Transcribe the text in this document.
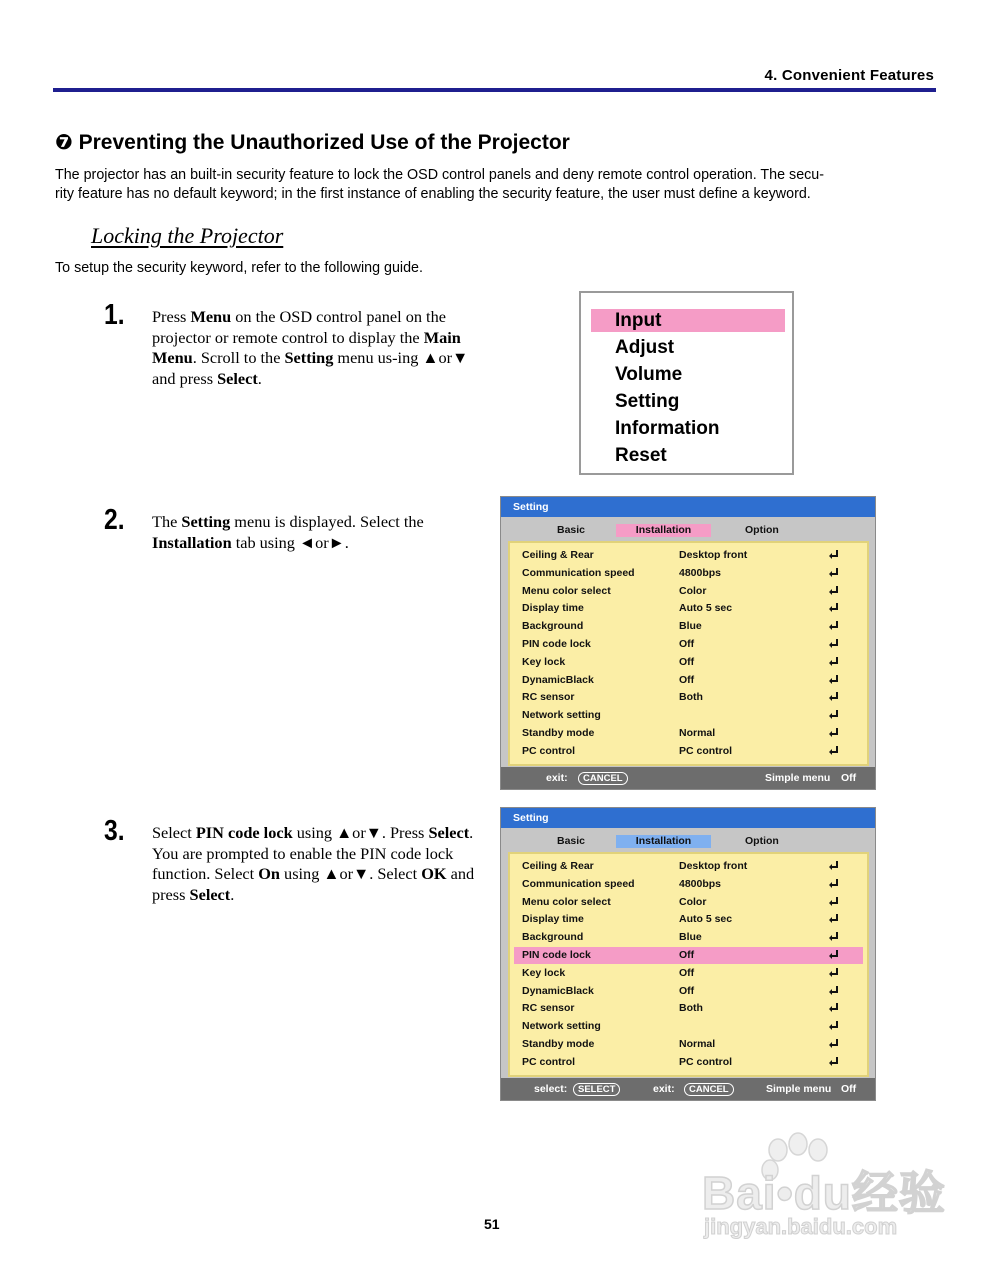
4. Convenient Features
❼ Preventing the Unauthorized Use of the Projector
The projector has an built-in security feature to lock the OSD control panels and deny remote control operation. The secu-
rity feature has no default keyword; in the first instance of enabling the security feature, the user must define a keyword.
Locking the Projector
To setup the security keyword, refer to the following guide.
1. Press Menu on the OSD control panel on the projector or remote control to display the Main Menu. Scroll to the Setting menu us-ing ▲or▼ and press Select.
2. The Setting menu is displayed. Select the Installation tab using ◄or►.
3. Select PIN code lock using ▲or▼. Press Select. You are prompted to enable the PIN code lock function. Select On using ▲or▼. Select OK and press Select.
Input
Adjust
Volume
Setting
Information
Reset
Setting
Basic	Installation	Option
Ceiling & Rear	Desktop front
Communication speed	4800bps
Menu color select	Color
Display time	Auto 5 sec
Background	Blue
PIN code lock	Off
Key lock	Off
DynamicBlack	Off
RC sensor	Both
Network setting
Standby mode	Normal
PC control	PC control
exit:	CANCEL	Simple menu Off
Setting
Basic	Installation	Option
Ceiling & Rear	Desktop front
Communication speed	4800bps
Menu color select	Color
Display time	Auto 5 sec
Background	Blue
PIN code lock	Off
Key lock	Off
DynamicBlack	Off
RC sensor	Both
Network setting
Standby mode	Normal
PC control	PC control
select:	SELECT	exit:	CANCEL	Simple menu Off
51
Bai•du经验
jingyan.baidu.com
